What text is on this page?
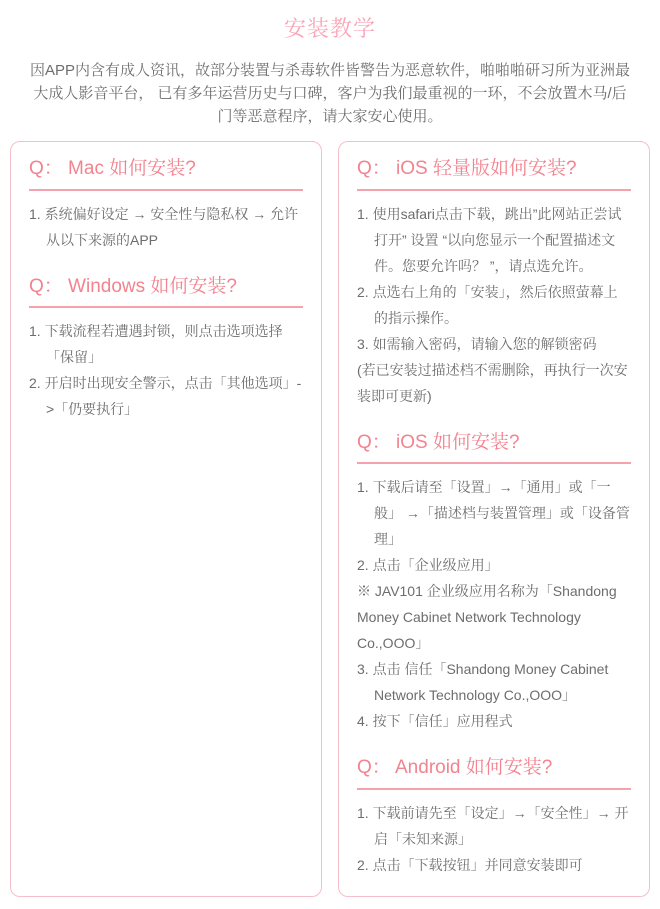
安装教学

因APP内含有成人资讯，故部分装置与杀毒软件皆警告为恶意软件，啪啪啪研习所为亚洲最大成人影音平台， 已有多年运营历史与口碑，客户为我们最重视的一环，不会放置木马/后门等恶意程序，请大家安心使用。

Q： Mac 如何安装?

1. 系统偏好设定 → 安全性与隐私权 → 允许从以下来源的APP

Q： Windows 如何安装?

1. 下载流程若遭遇封锁，则点击选项选择「保留」

2. 开启时出现安全警示，点击「其他选项」- >「仍要执行」

Q： iOS 轻量版如何安装?

1. 使用safari点击下载，跳出”此网站正尝试打开” 设置 “以向您显示一个配置描述文件。您要允许吗？ ”，请点选允许。

2. 点选右上角的「安装」，然后依照萤幕上的指示操作。

3. 如需输入密码，请输入您的解锁密码

(若已安装过描述档不需删除，再执行一次安装即可更新)

Q： iOS 如何安装?

1. 下载后请至「设置」→「通用」或「一般」 →「描述档与装置管理」或「设备管理」

2. 点击「企业级应用」

※ JAV101 企业级应用名称为「Shandong Money Cabinet Network Technology Co.,OOO」

3. 点击 信任「Shandong Money Cabinet Network Technology Co.,OOO」

4. 按下「信任」应用程式

Q： Android 如何安装?

1. 下载前请先至「设定」→「安全性」→ 开启「未知来源」

2. 点击「下载按钮」并同意安装即可
